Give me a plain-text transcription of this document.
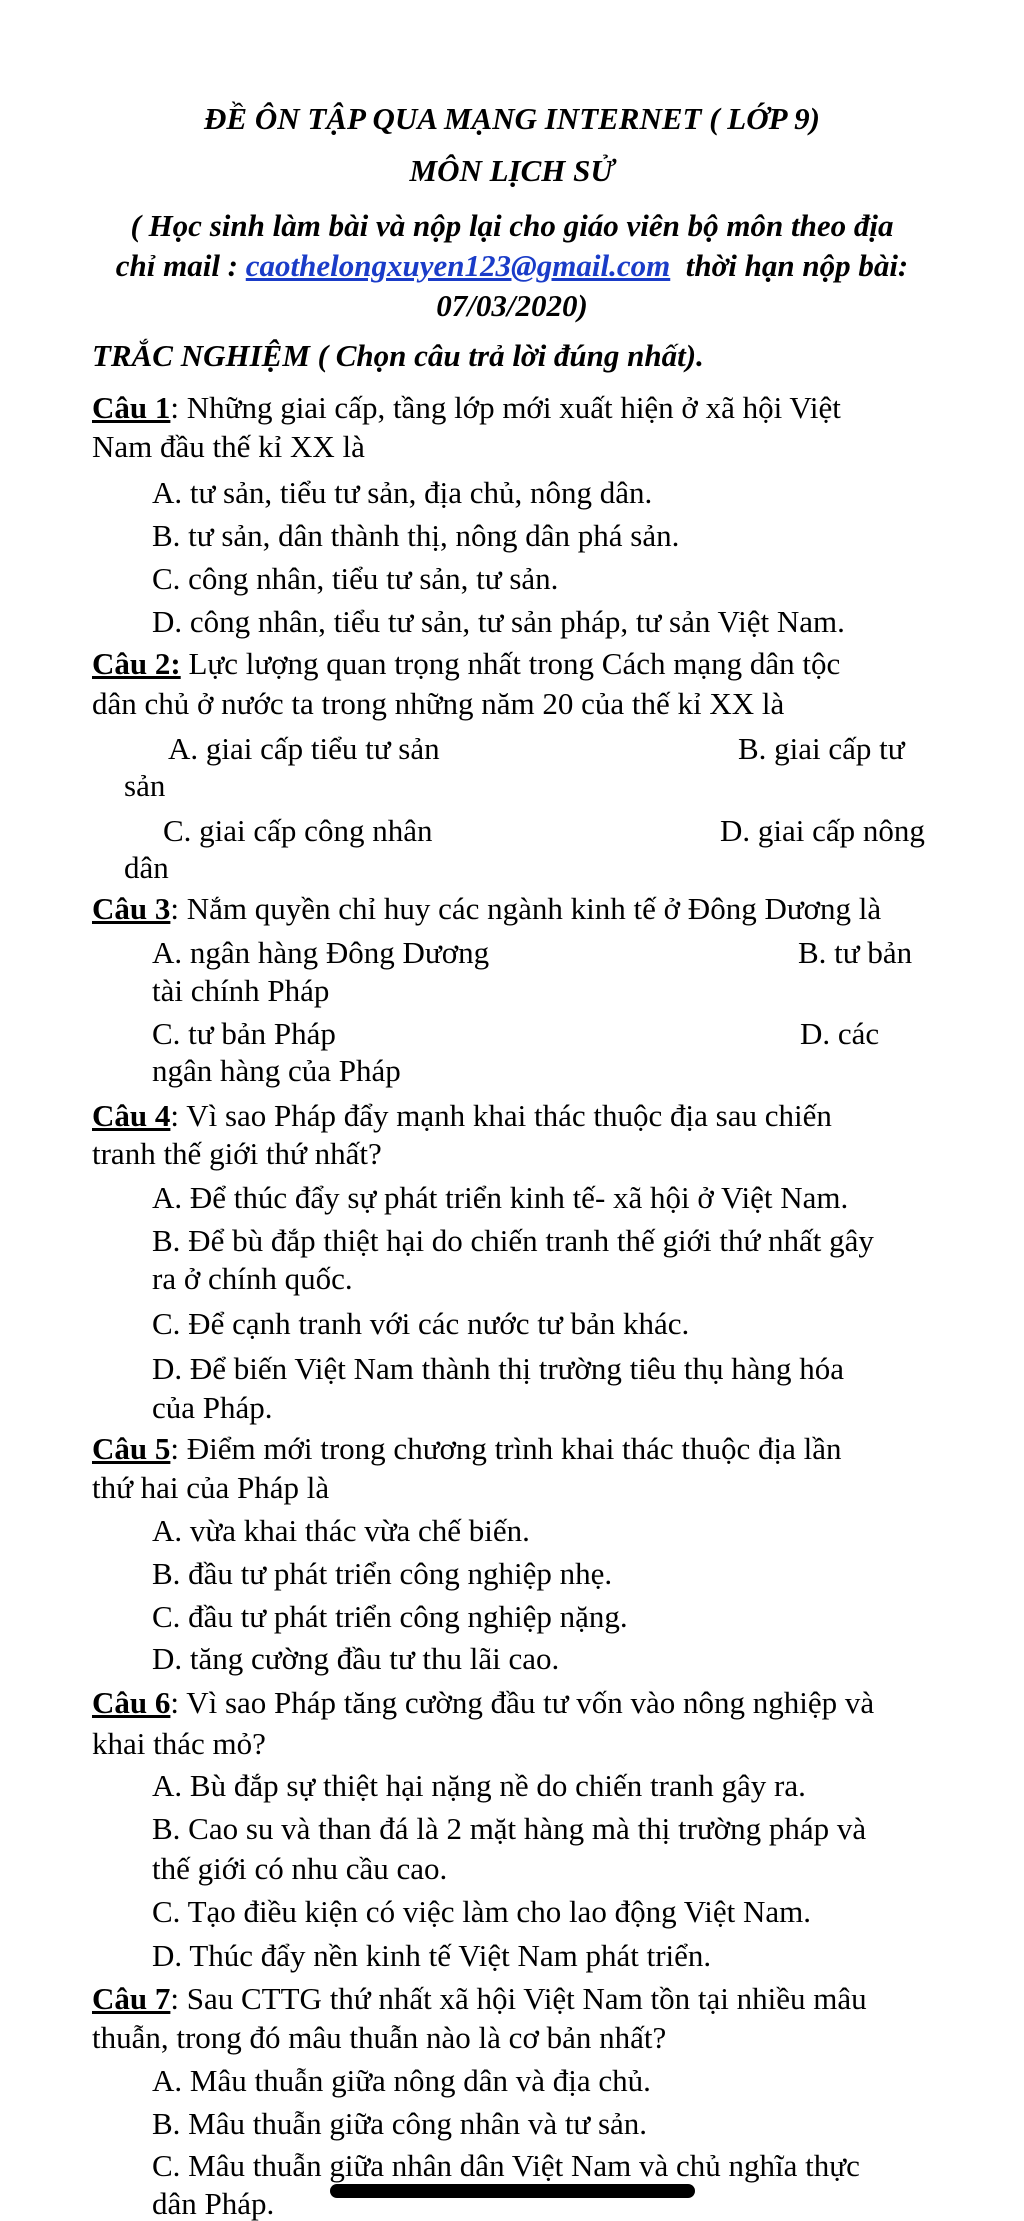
ĐỀ ÔN TẬP QUA MẠNG INTERNET ( LỚP 9)
MÔN LỊCH SỬ
( Học sinh làm bài và nộp lại cho giáo viên bộ môn theo địa
chỉ mail : caothelongxuyen123@gmail.com thời hạn nộp bài:
07/03/2020)
TRẮC NGHIỆM ( Chọn câu trả lời đúng nhất).
Câu 1: Những giai cấp, tầng lớp mới xuất hiện ở xã hội Việt
Nam đầu thế kỉ XX là
A. tư sản, tiểu tư sản, địa chủ, nông dân.
B. tư sản, dân thành thị, nông dân phá sản.
C. công nhân, tiểu tư sản, tư sản.
D. công nhân, tiểu tư sản, tư sản pháp, tư sản Việt Nam.
Câu 2: Lực lượng quan trọng nhất trong Cách mạng dân tộc
dân chủ ở nước ta trong những năm 20 của thế kỉ XX là
A. giai cấp tiểu tư sản	B. giai cấp tư
sản
C. giai cấp công nhân	D. giai cấp nông
dân
Câu 3: Nắm quyền chỉ huy các ngành kinh tế ở Đông Dương là
A. ngân hàng Đông Dương	B. tư bản
tài chính Pháp
C. tư bản Pháp	D. các
ngân hàng của Pháp
Câu 4: Vì sao Pháp đẩy mạnh khai thác thuộc địa sau chiến
tranh thế giới thứ nhất?
A. Để thúc đẩy sự phát triển kinh tế- xã hội ở Việt Nam.
B. Để bù đắp thiệt hại do chiến tranh thế giới thứ nhất gây
ra ở chính quốc.
C. Để cạnh tranh với các nước tư bản khác.
D. Để biến Việt Nam thành thị trường tiêu thụ hàng hóa
của Pháp.
Câu 5: Điểm mới trong chương trình khai thác thuộc địa lần
thứ hai của Pháp là
A. vừa khai thác vừa chế biến.
B. đầu tư phát triển công nghiệp nhẹ.
C. đầu tư phát triển công nghiệp nặng.
D. tăng cường đầu tư thu lãi cao.
Câu 6: Vì sao Pháp tăng cường đầu tư vốn vào nông nghiệp và
khai thác mỏ?
A. Bù đắp sự thiệt hại nặng nề do chiến tranh gây ra.
B. Cao su và than đá là 2 mặt hàng mà thị trường pháp và
thế giới có nhu cầu cao.
C. Tạo điều kiện có việc làm cho lao động Việt Nam.
D. Thúc đẩy nền kinh tế Việt Nam phát triển.
Câu 7: Sau CTTG thứ nhất xã hội Việt Nam tồn tại nhiều mâu
thuẫn, trong đó mâu thuẫn nào là cơ bản nhất?
A. Mâu thuẫn giữa nông dân và địa chủ.
B. Mâu thuẫn giữa công nhân và tư sản.
C. Mâu thuẫn giữa nhân dân Việt Nam và chủ nghĩa thực
dân Pháp.
